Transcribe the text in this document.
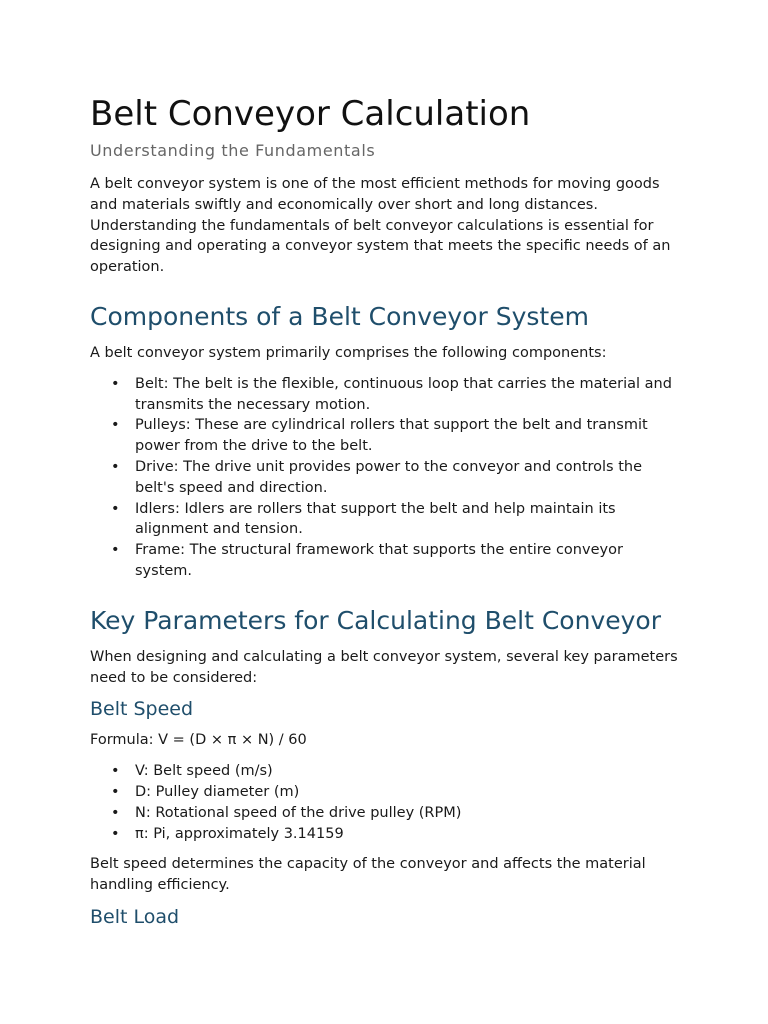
Belt Conveyor Calculation
Understanding the Fundamentals

A belt conveyor system is one of the most efficient methods for moving goods and materials swiftly and economically over short and long distances. Understanding the fundamentals of belt conveyor calculations is essential for designing and operating a conveyor system that meets the specific needs of an operation.

Components of a Belt Conveyor System

A belt conveyor system primarily comprises the following components:

• Belt: The belt is the flexible, continuous loop that carries the material and transmits the necessary motion.
• Pulleys: These are cylindrical rollers that support the belt and transmit power from the drive to the belt.
• Drive: The drive unit provides power to the conveyor and controls the belt's speed and direction.
• Idlers: Idlers are rollers that support the belt and help maintain its alignment and tension.
• Frame: The structural framework that supports the entire conveyor system.
Key Parameters for Calculating Belt Conveyor

When designing and calculating a belt conveyor system, several key parameters need to be considered:

Belt Speed

Formula: V = (D × π × N) / 60

• V: Belt speed (m/s)
• D: Pulley diameter (m)
• N: Rotational speed of the drive pulley (RPM)
• π: Pi, approximately 3.14159

Belt speed determines the capacity of the conveyor and affects the material handling efficiency.

Belt Load
